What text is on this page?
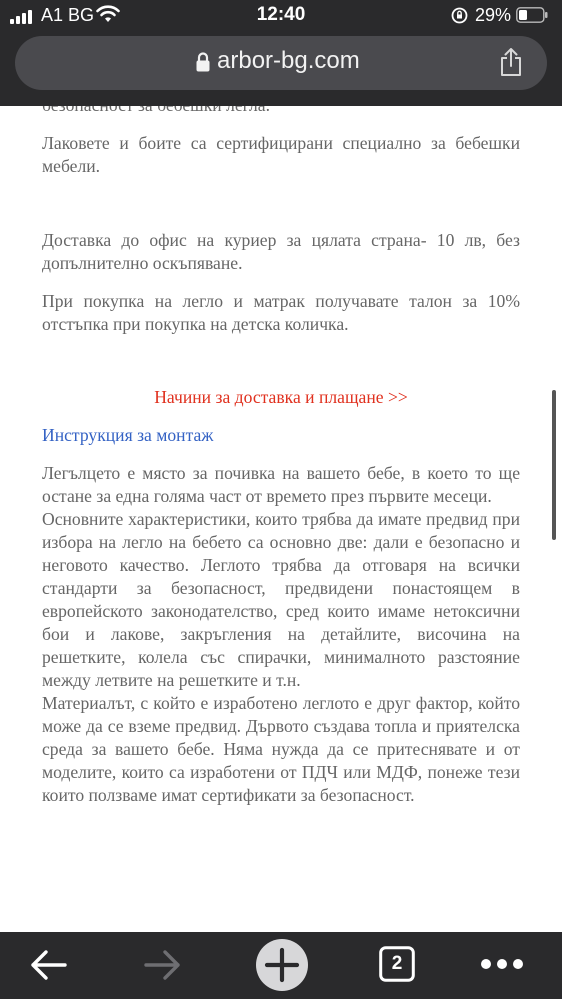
Лаковете и боите са сертифицирани специално за бебешки мебели.

Доставка до офис на куриер за цялата страна- 10 лв, без допълнително оскъпяване.

При покупка на легло и матрак получавате талон за 10% отстъпка при покупка на детска количка.

Начини за доставка и плащане >>
Инструкция за монтаж
Легълцето е място за почивка на вашето бебе, в което то ще остане за една голяма част от времето през първите месеци.
Основните характеристики, които трябва да имате предвид при избора на легло на бебето са основно две: дали е безопасно и неговото качество. Леглото трябва да отговаря на всички стандарти за безопасност, предвидени понастоящем в европейското законодателство, сред които имаме нетоксични бои и лакове, закръгления на детайлите, височина на решетките, колела със спирачки, минималното разстояние между летвите на решетките и т.н.
Материалът, с който е изработено леглото е друг фактор, който може да се вземе предвид. Дървото създава топла и приятелска среда за вашето бебе. Няма нужда да се притеснявате и от моделите, които са изработени от ПДЧ или МДФ, понеже тези които ползваме имат сертификати за безопасност.
A1 BG	12:40	29%
arbor-bg.com
2
